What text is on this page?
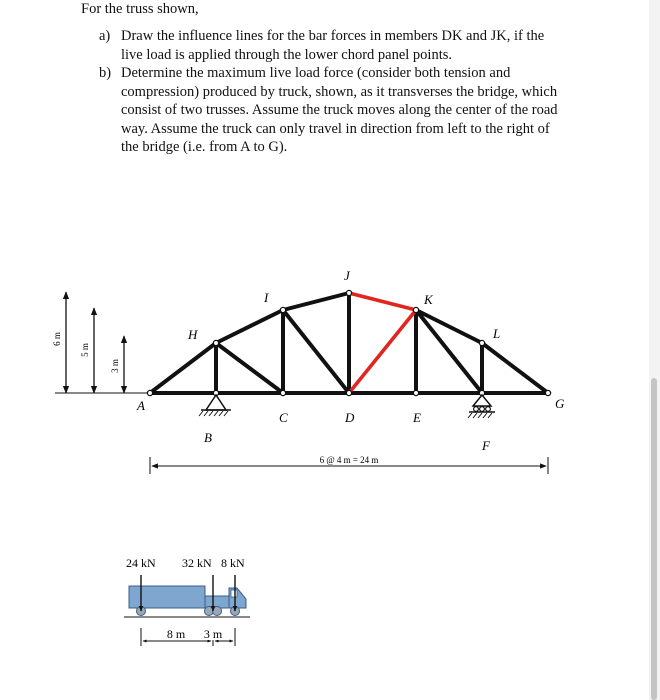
For the truss shown,
a) Draw the influence lines for the bar forces in members DK and JK, if the
live load is applied through the lower chord panel points.
b) Determine the maximum live load force (consider both tension and
compression) produced by truck, shown, as it transverses the bridge, which
consist of two trusses. Assume the truck moves along the center of the road
way. Assume the truck can only travel in direction from left to the right of
the bridge (i.e. from A to G).
6 m
5 m
3 m
A
B
C	D	E
F
G
H
I
J
K
L
6 @ 4 m = 24 m
24 kN 32 kN 8 kN
8 m 3 m
